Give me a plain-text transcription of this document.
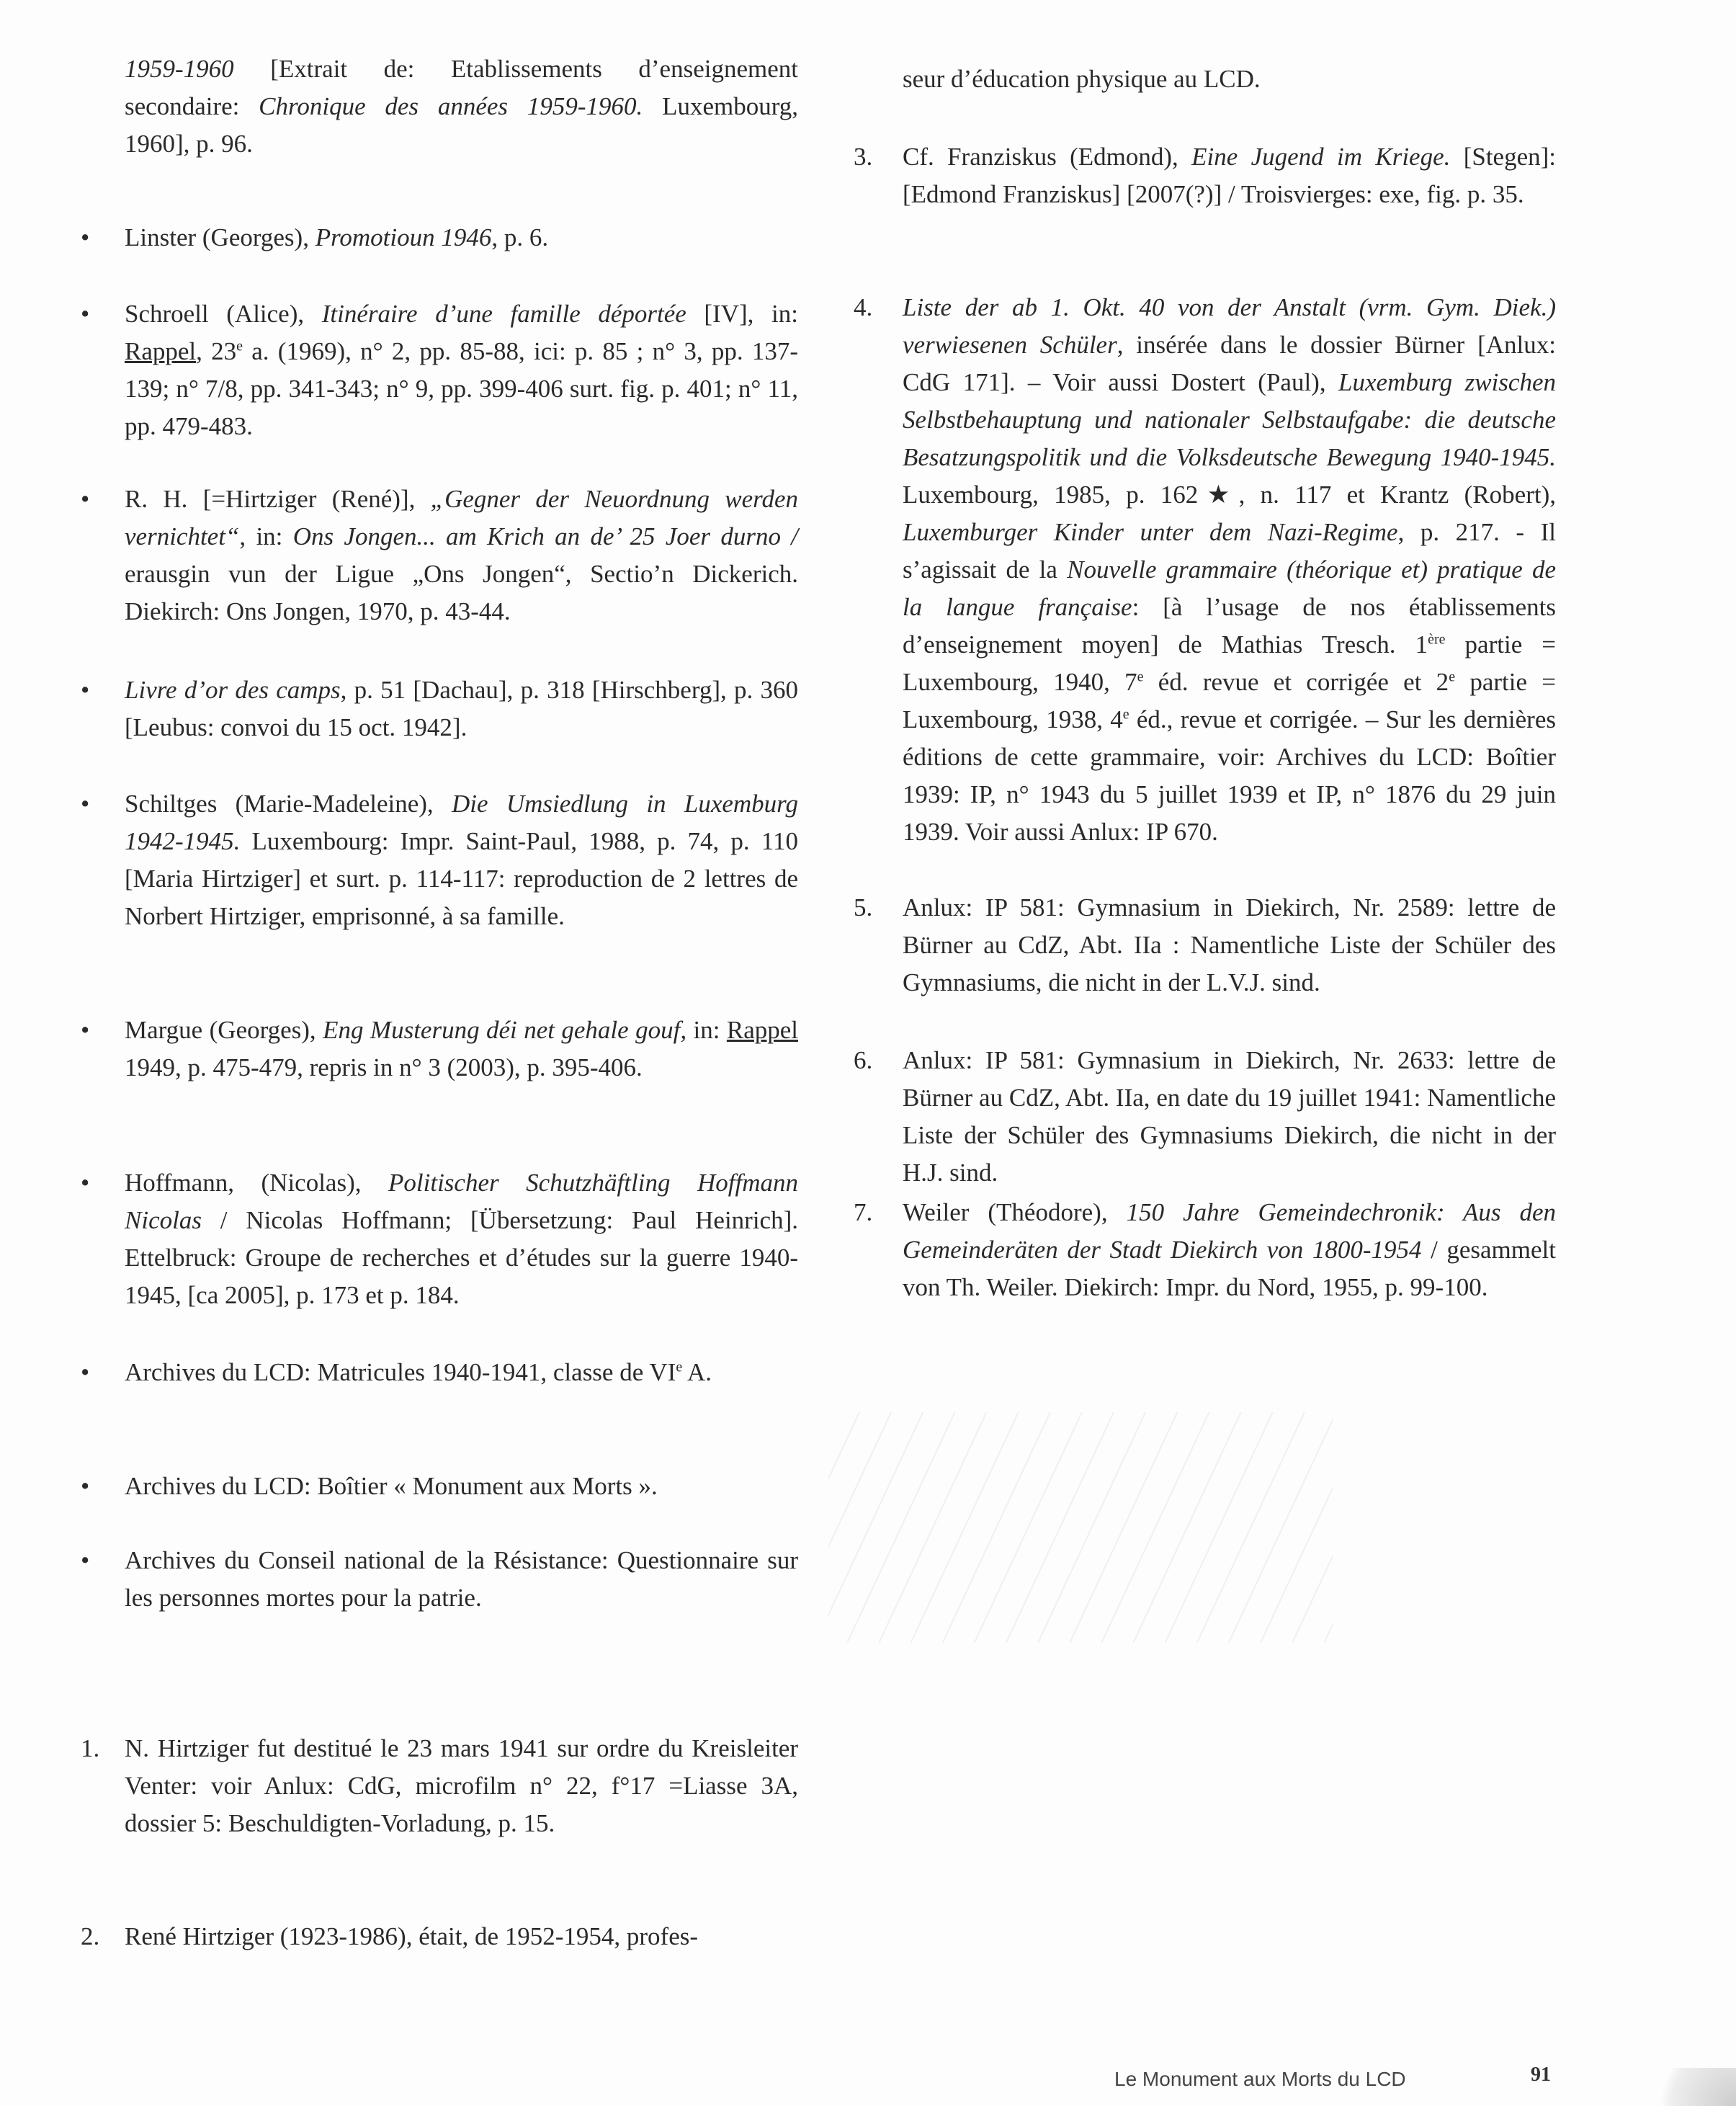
1959-1960 [Extrait de: Etablissements d’enseignement secondaire: Chronique des années 1959-1960. Luxembourg, 1960], p. 96.
• Linster (Georges), Promotioun 1946, p. 6.
• Schroell (Alice), Itinéraire d’une famille déportée [IV], in: Rappel, 23e a. (1969), n° 2, pp. 85-88, ici: p. 85 ; n° 3, pp. 137-139; n° 7/8, pp. 341-343; n° 9, pp. 399-406 surt. fig. p. 401; n° 11, pp. 479-483.
• R. H. [=Hirtziger (René)], „Gegner der Neuordnung werden vernichtet“, in: Ons Jongen... am Krich an de’ 25 Joer durno / erausgin vun der Ligue „Ons Jongen“, Sectio’n Dickerich. Diekirch: Ons Jongen, 1970, p. 43-44.
• Livre d’or des camps, p. 51 [Dachau], p. 318 [Hirschberg], p. 360 [Leubus: convoi du 15 oct. 1942].
• Schiltges (Marie-Madeleine), Die Umsiedlung in Luxemburg 1942-1945. Luxembourg: Impr. Saint-Paul, 1988, p. 74, p. 110 [Maria Hirtziger] et surt. p. 114-117: reproduction de 2 lettres de Norbert Hirtziger, emprisonné, à sa famille.
• Margue (Georges), Eng Musterung déi net gehale gouf, in: Rappel 1949, p. 475-479, repris in n° 3 (2003), p. 395-406.
• Hoffmann, (Nicolas), Politischer Schutzhäftling Hoffmann Nicolas / Nicolas Hoffmann; [Übersetzung: Paul Heinrich]. Ettelbruck: Groupe de recherches et d’études sur la guerre 1940-1945, [ca 2005], p. 173 et p. 184.
• Archives du LCD: Matricules 1940-1941, classe de VIe A.
• Archives du LCD: Boîtier « Monument aux Morts ».
• Archives du Conseil national de la Résistance: Questionnaire sur les personnes mortes pour la patrie.
1. N. Hirtziger fut destitué le 23 mars 1941 sur ordre du Kreisleiter Venter: voir Anlux: CdG, microfilm n° 22, f°17 =Liasse 3A, dossier 5: Beschuldigten-Vorladung, p. 15.
2. René Hirtziger (1923-1986), était, de 1952-1954, profes-
seur d’éducation physique au LCD.
3. Cf. Franziskus (Edmond), Eine Jugend im Kriege. [Stegen]: [Edmond Franziskus] [2007(?)] / Troisvierges: exe, fig. p. 35.
4. Liste der ab 1. Okt. 40 von der Anstalt (vrm. Gym. Diek.) verwiesenen Schüler, insérée dans le dossier Bürner [Anlux: CdG 171]. – Voir aussi Dostert (Paul), Luxemburg zwischen Selbstbehauptung und nationaler Selbstaufgabe: die deutsche Besatzungspolitik und die Volksdeutsche Bewegung 1940-1945. Luxembourg, 1985, p. 162★, n. 117 et Krantz (Robert), Luxemburger Kinder unter dem Nazi-Regime, p. 217. - Il s’agissait de la Nouvelle grammaire (théorique et) pratique de la langue française: [à l’usage de nos établissements d’enseignement moyen] de Mathias Tresch. 1ère partie = Luxembourg, 1940, 7e éd. revue et corrigée et 2e partie = Luxembourg, 1938, 4e éd., revue et corrigée. – Sur les dernières éditions de cette grammaire, voir: Archives du LCD: Boîtier 1939: IP, n° 1943 du 5 juillet 1939 et IP, n° 1876 du 29 juin 1939. Voir aussi Anlux: IP 670.
5. Anlux: IP 581: Gymnasium in Diekirch, Nr. 2589: lettre de Bürner au CdZ, Abt. IIa : Namentliche Liste der Schüler des Gymnasiums, die nicht in der L.V.J. sind.
6. Anlux: IP 581: Gymnasium in Diekirch, Nr. 2633: lettre de Bürner au CdZ, Abt. IIa, en date du 19 juillet 1941: Namentliche Liste der Schüler des Gymnasiums Diekirch, die nicht in der H.J. sind.
7. Weiler (Théodore), 150 Jahre Gemeindechronik: Aus den Gemeinderäten der Stadt Diekirch von 1800-1954 / gesammelt von Th. Weiler. Diekirch: Impr. du Nord, 1955, p. 99-100.
Le Monument aux Morts du LCD	91
